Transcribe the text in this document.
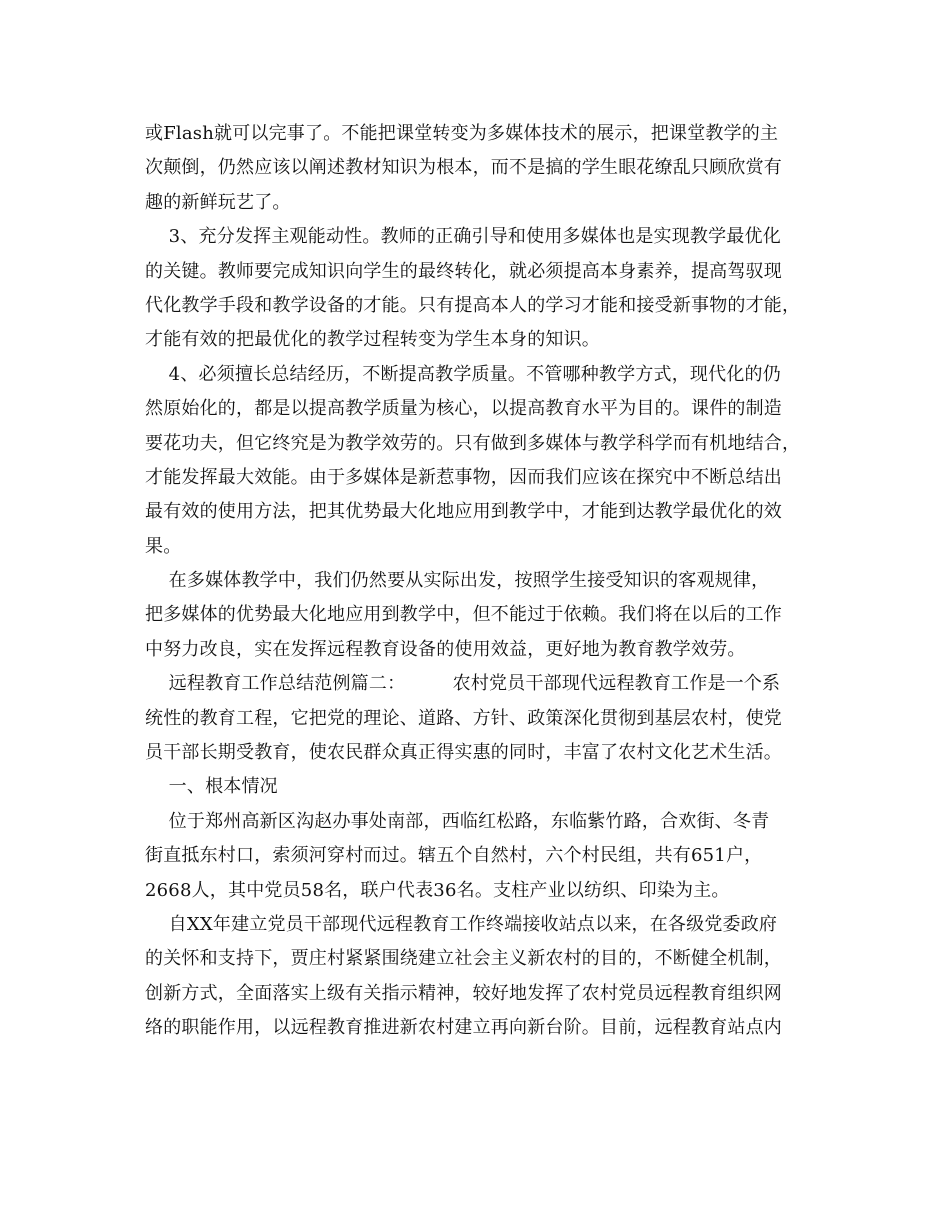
或Flash就可以完事了。不能把课堂转变为多媒体技术的展示，把课堂教学的主
次颠倒，仍然应该以阐述教材知识为根本，而不是搞的学生眼花缭乱只顾欣赏有
趣的新鲜玩艺了。
3、充分发挥主观能动性。教师的正确引导和使用多媒体也是实现教学最优化
的关键。教师要完成知识向学生的最终转化，就必须提高本身素养，提高驾驭现
代化教学手段和教学设备的才能。只有提高本人的学习才能和接受新事物的才能，
才能有效的把最优化的教学过程转变为学生本身的知识。
4、必须擅长总结经历，不断提高教学质量。不管哪种教学方式，现代化的仍
然原始化的，都是以提高教学质量为核心，以提高教育水平为目的。课件的制造
要花功夫，但它终究是为教学效劳的。只有做到多媒体与教学科学而有机地结合，
才能发挥最大效能。由于多媒体是新惹事物，因而我们应该在探究中不断总结出
最有效的使用方法，把其优势最大化地应用到教学中，才能到达教学最优化的效
果。
在多媒体教学中，我们仍然要从实际出发，按照学生接受知识的客观规律，
把多媒体的优势最大化地应用到教学中，但不能过于依赖。我们将在以后的工作
中努力改良，实在发挥远程教育设备的使用效益，更好地为教育教学效劳。
远程教育工作总结范例篇二：        农村党员干部现代远程教育工作是一个系
统性的教育工程，它把党的理论、道路、方针、政策深化贯彻到基层农村，使党
员干部长期受教育，使农民群众真正得实惠的同时，丰富了农村文化艺术生活。
一、根本情况
位于郑州高新区沟赵办事处南部，西临红松路，东临紫竹路，合欢街、冬青
街直抵东村口，索须河穿村而过。辖五个自然村，六个村民组，共有651户，
2668人，其中党员58名，联户代表36名。支柱产业以纺织、印染为主。
自XX年建立党员干部现代远程教育工作终端接收站点以来，在各级党委政府
的关怀和支持下，贾庄村紧紧围绕建立社会主义新农村的目的，不断健全机制，
创新方式，全面落实上级有关指示精神，较好地发挥了农村党员远程教育组织网
络的职能作用，以远程教育推进新农村建立再向新台阶。目前，远程教育站点内
